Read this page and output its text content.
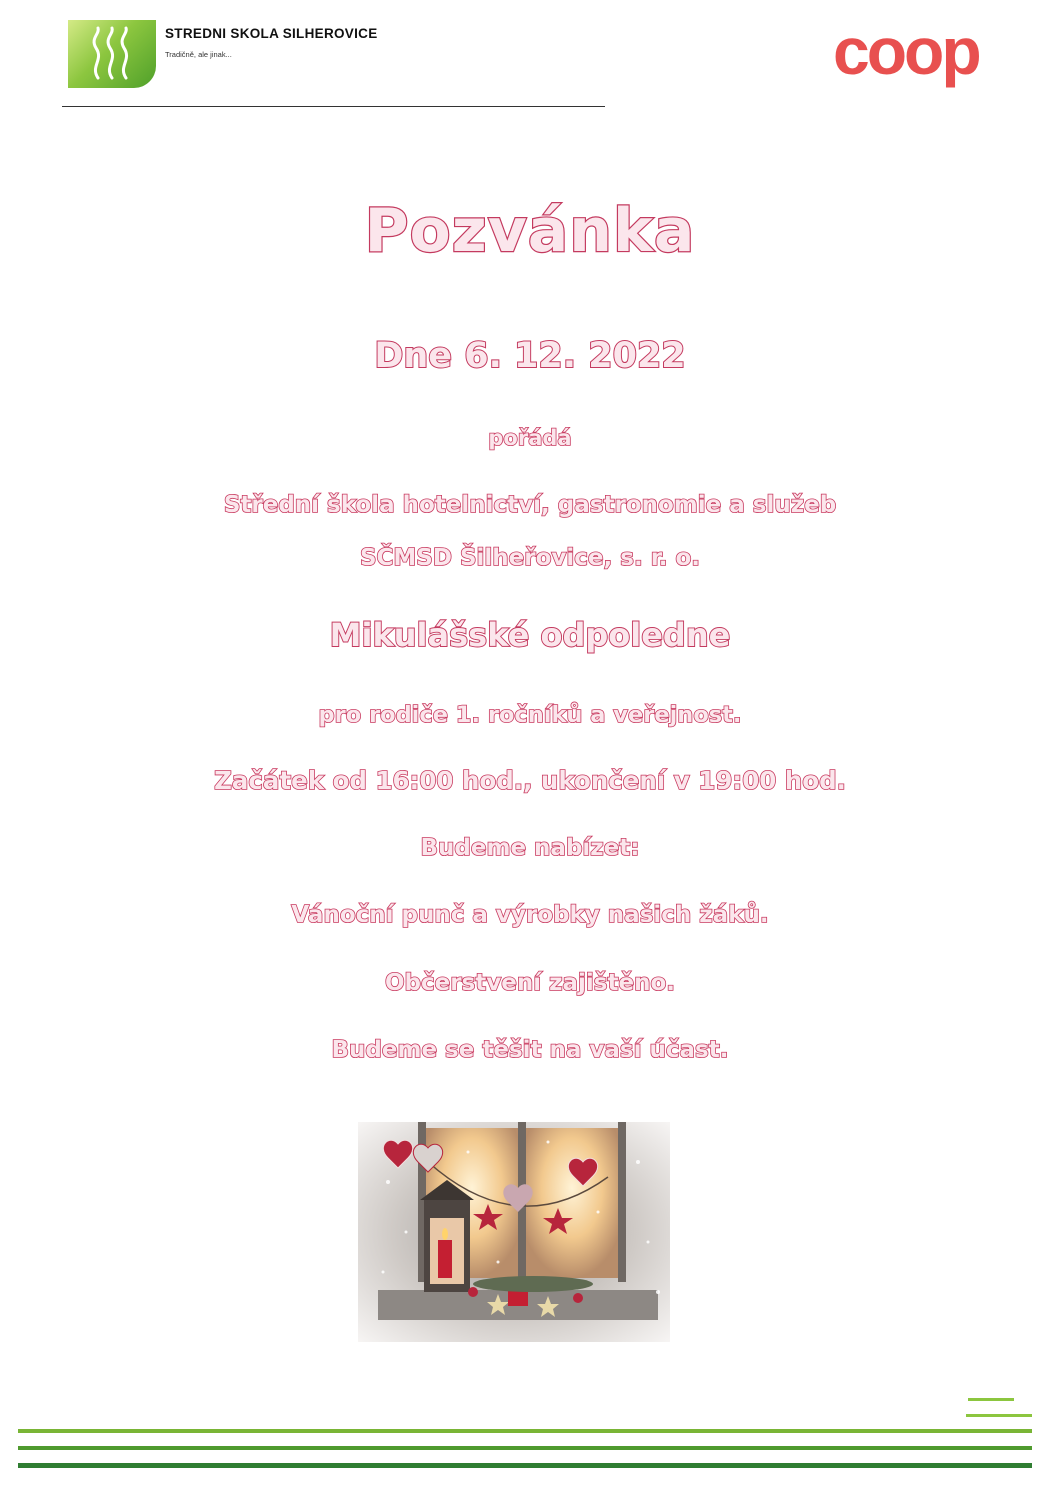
STREDNI SKOLA SILHEROVICE
Tradičně, ale jinak...	coop
Pozvánka
Dne 6. 12. 2022
pořádá
Střední škola hotelnictví, gastronomie a služeb
SČMSD Šilheřovice, s. r. o.
Mikulášské odpoledne
pro rodiče 1. ročníků a veřejnost.
Začátek od 16:00 hod., ukončení v 19:00 hod.
Budeme nabízet:
Vánoční punč a výrobky našich žáků.
Občerstvení zajištěno.
Budeme se těšit na vaší účast.
